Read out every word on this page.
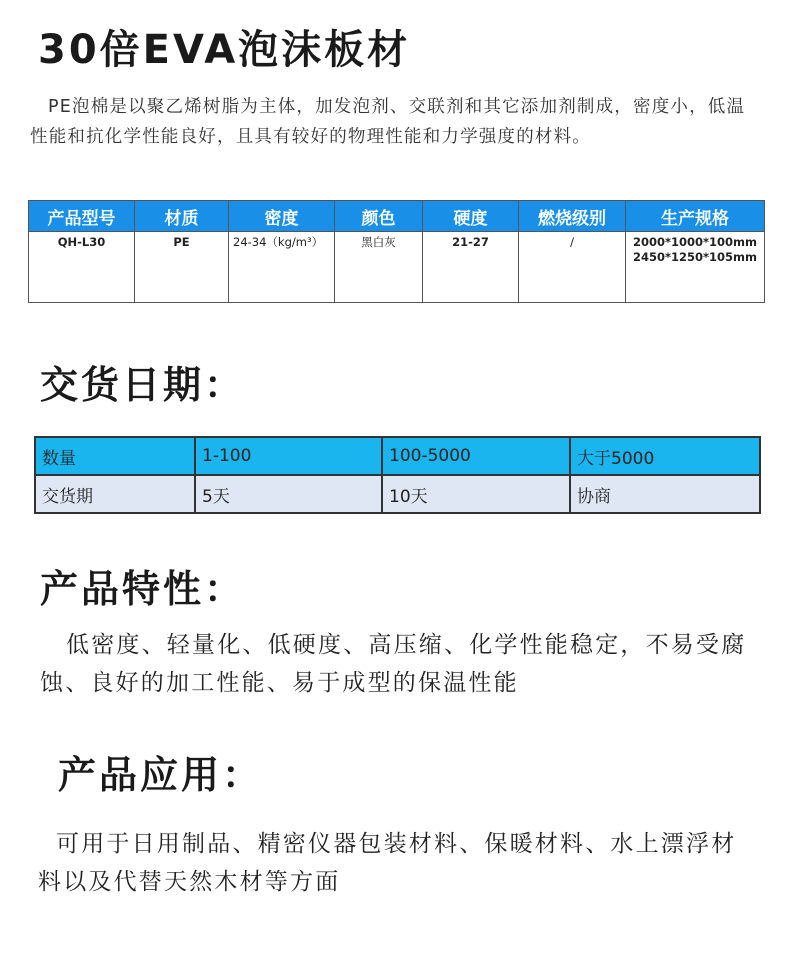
30倍EVA泡沫板材
PE泡棉是以聚乙烯树脂为主体，加发泡剂、交联剂和其它添加剂制成，密度小，低温性能和抗化学性能良好，且具有较好的物理性能和力学强度的材料。
产品型号	材质	密度	颜色	硬度	燃烧级别	生产规格
QH-L30	PE	24-34（kg/m³）	黑白灰	21-27	/	2000*1000*100mm
2450*1250*105mm
交货日期：
数量	1-100	100-5000	大于5000
交货期	5天	10天	协商
产品特性：
低密度、轻量化、低硬度、高压缩、化学性能稳定，不易受腐蚀、良好的加工性能、易于成型的保温性能
产品应用：
可用于日用制品、精密仪器包装材料、保暖材料、水上漂浮材料以及代替天然木材等方面
